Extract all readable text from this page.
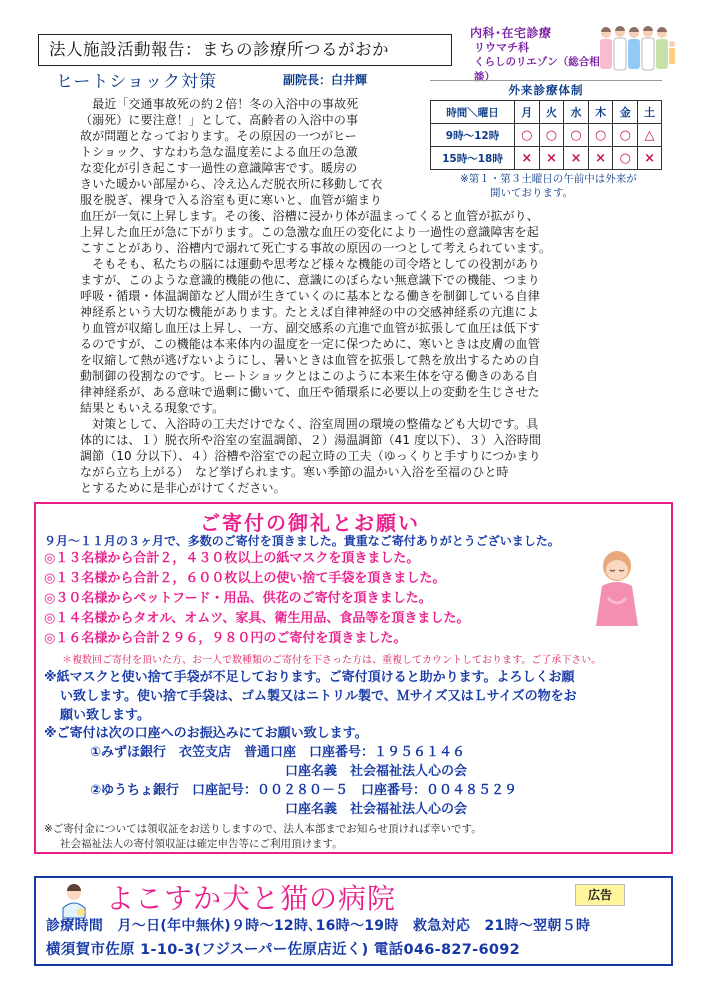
法人施設活動報告：まちの診療所つるがおか
内科･在宅診療
リウマチ科
くらしのリエゾン（総合相談）
ヒートショック対策	副院長：白井輝
　最近「交通事故死の約２倍！冬の入浴中の事故死
（溺死）に要注意！」として、高齢者の入浴中の事
故が問題となっております。その原因の一つがヒー
トショック、すなわち急な温度差による血圧の急激
な変化が引き起こす一過性の意識障害です。暖房の
きいた暖かい部屋から、冷え込んだ脱衣所に移動して衣
服を脱ぎ、裸身で入る浴室も更に寒いと、血管が縮まり
血圧が一気に上昇します。その後、浴槽に浸かり体が温まってくると血管が拡がり、
上昇した血圧が急に下がります。この急激な血圧の変化により一過性の意識障害を起
こすことがあり、浴槽内で溺れて死亡する事故の原因の一つとして考えられています。
　そもそも、私たちの脳には運動や思考など様々な機能の司令塔としての役割があり
ますが、このような意識的機能の他に、意識にのぼらない無意識下での機能、つまり
呼吸・循環・体温調節など人間が生きていくのに基本となる働きを制御している自律
神経系という大切な機能があります。たとえば自律神経の中の交感神経系の亢進によ
り血管が収縮し血圧は上昇し、一方、副交感系の亢進で血管が拡張して血圧は低下す
るのですが、この機能は本来体内の温度を一定に保つために、寒いときは皮膚の血管
を収縮して熱が逃げないようにし、暑いときは血管を拡張して熱を放出するための自
動制御の役割なのです。ヒートショックとはこのように本来生体を守る働きのある自
律神経系が、ある意味で過剰に働いて、血圧や循環系に必要以上の変動を生じさせた
結果ともいえる現象です。
　対策として、入浴時の工夫だけでなく、浴室周囲の環境の整備なども大切です。具
体的には、１）脱衣所や浴室の室温調節、２）湯温調節（41 度以下）、３）入浴時間
調節（10 分以下）、４）浴槽や浴室での起立時の工夫（ゆっくりと手すりにつかまり
ながら立ち上がる）　など挙げられます。寒い季節の温かい入浴を至福のひと時
とするために是非心がけてください。
外来診療体制
時間＼曜日	月	火	水	木	金	土
9時～12時	○	○	○	○	○	△
15時～18時	×	×	×	×	○	×

※第１・第３土曜日の午前中は外来が

開いております。

ご寄付の御礼とお願い
９月～１１月の３ヶ月で、多数のご寄付を頂きました。貴重なご寄付ありがとうございました。
◎１３名様から合計２，４３０枚以上の紙マスクを頂きました。
◎１３名様から合計２，６００枚以上の使い捨て手袋を頂きました。
◎３０名様からペットフード・用品、供花のご寄付を頂きました。
◎１４名様からタオル、オムツ、家具、衛生用品、食品等を頂きました。
◎１６名様から合計２９６，９８０円のご寄付を頂きました。
＊複数回ご寄付を頂いた方、お一人で数種類のご寄付を下さった方は、重複してカウントしております。ご了承下さい。
※紙マスクと使い捨て手袋が不足しております。ご寄付頂けると助かります。よろしくお願
い致します。使い捨て手袋は、ゴム製又はニトリル製で、Ｍサイズ又はＬサイズの物をお
願い致します。
※ご寄付は次の口座へのお振込みにてお願い致します。
①みずほ銀行　衣笠支店　普通口座　口座番号：１９５６１４６
口座名義　社会福祉法人心の会
②ゆうちょ銀行　口座記号：００２８０－５　口座番号：００４８５２９
口座名義　社会福祉法人心の会
※ご寄付金については領収証をお送りしますので、法人本部までお知らせ頂ければ幸いです。
社会福祉法人の寄付領収証は確定申告等にご利用頂けます。
よこすか犬と猫の病院	広告
診療時間　月～日(年中無休)９時～12時､16時～19時　救急対応　21時～翌朝５時
横須賀市佐原 1-10-3(フジスーパー佐原店近く) 電話046-827-6092
